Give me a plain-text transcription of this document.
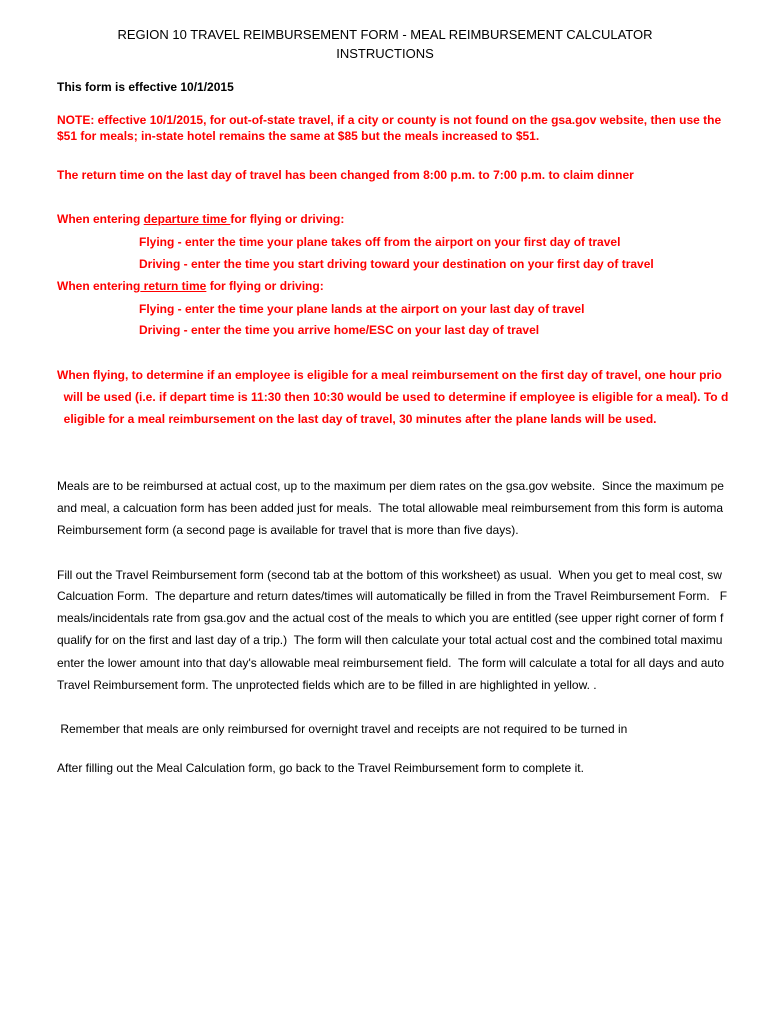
REGION 10 TRAVEL REIMBURSEMENT FORM - MEAL REIMBURSEMENT CALCULATOR
INSTRUCTIONS
This form is effective 10/1/2015
NOTE: effective 10/1/2015, for out-of-state travel, if a city or county is not found on the gsa.gov website, then use the
$51 for meals; in-state hotel remains the same at $85 but the meals increased to $51.
The return time on the last day of travel has been changed from 8:00 p.m. to 7:00 p.m. to claim dinner
When entering departure time for flying or driving:
Flying - enter the time your plane takes off from the airport on your first day of travel
Driving - enter the time you start driving toward your destination on your first day of travel
When entering return time for flying or driving:
Flying - enter the time your plane lands at the airport on your last day of travel
Driving - enter the time you arrive home/ESC on your last day of travel
When flying, to determine if an employee is eligible for a meal reimbursement on the first day of travel, one hour prio
will be used (i.e. if depart time is 11:30 then 10:30 would be used to determine if employee is eligible for a meal). To d
eligible for a meal reimbursement on the last day of travel, 30 minutes after the plane lands will be used.
Meals are to be reimbursed at actual cost, up to the maximum per diem rates on the gsa.gov website.  Since the maximum pe
and meal, a calcuation form has been added just for meals.  The total allowable meal reimbursement from this form is automa
Reimbursement form (a second page is available for travel that is more than five days).
Fill out the Travel Reimbursement form (second tab at the bottom of this worksheet) as usual.  When you get to meal cost, sw
Calcuation Form.  The departure and return dates/times will automatically be filled in from the Travel Reimbursement Form.   F
meals/incidentals rate from gsa.gov and the actual cost of the meals to which you are entitled (see upper right corner of form f
qualify for on the first and last day of a trip.)  The form will then calculate your total actual cost and the combined total maximu
enter the lower amount into that day's allowable meal reimbursement field.  The form will calculate a total for all days and auto
Travel Reimbursement form. The unprotected fields which are to be filled in are highlighted in yellow. .
Remember that meals are only reimbursed for overnight travel and receipts are not required to be turned in
After filling out the Meal Calculation form, go back to the Travel Reimbursement form to complete it.
